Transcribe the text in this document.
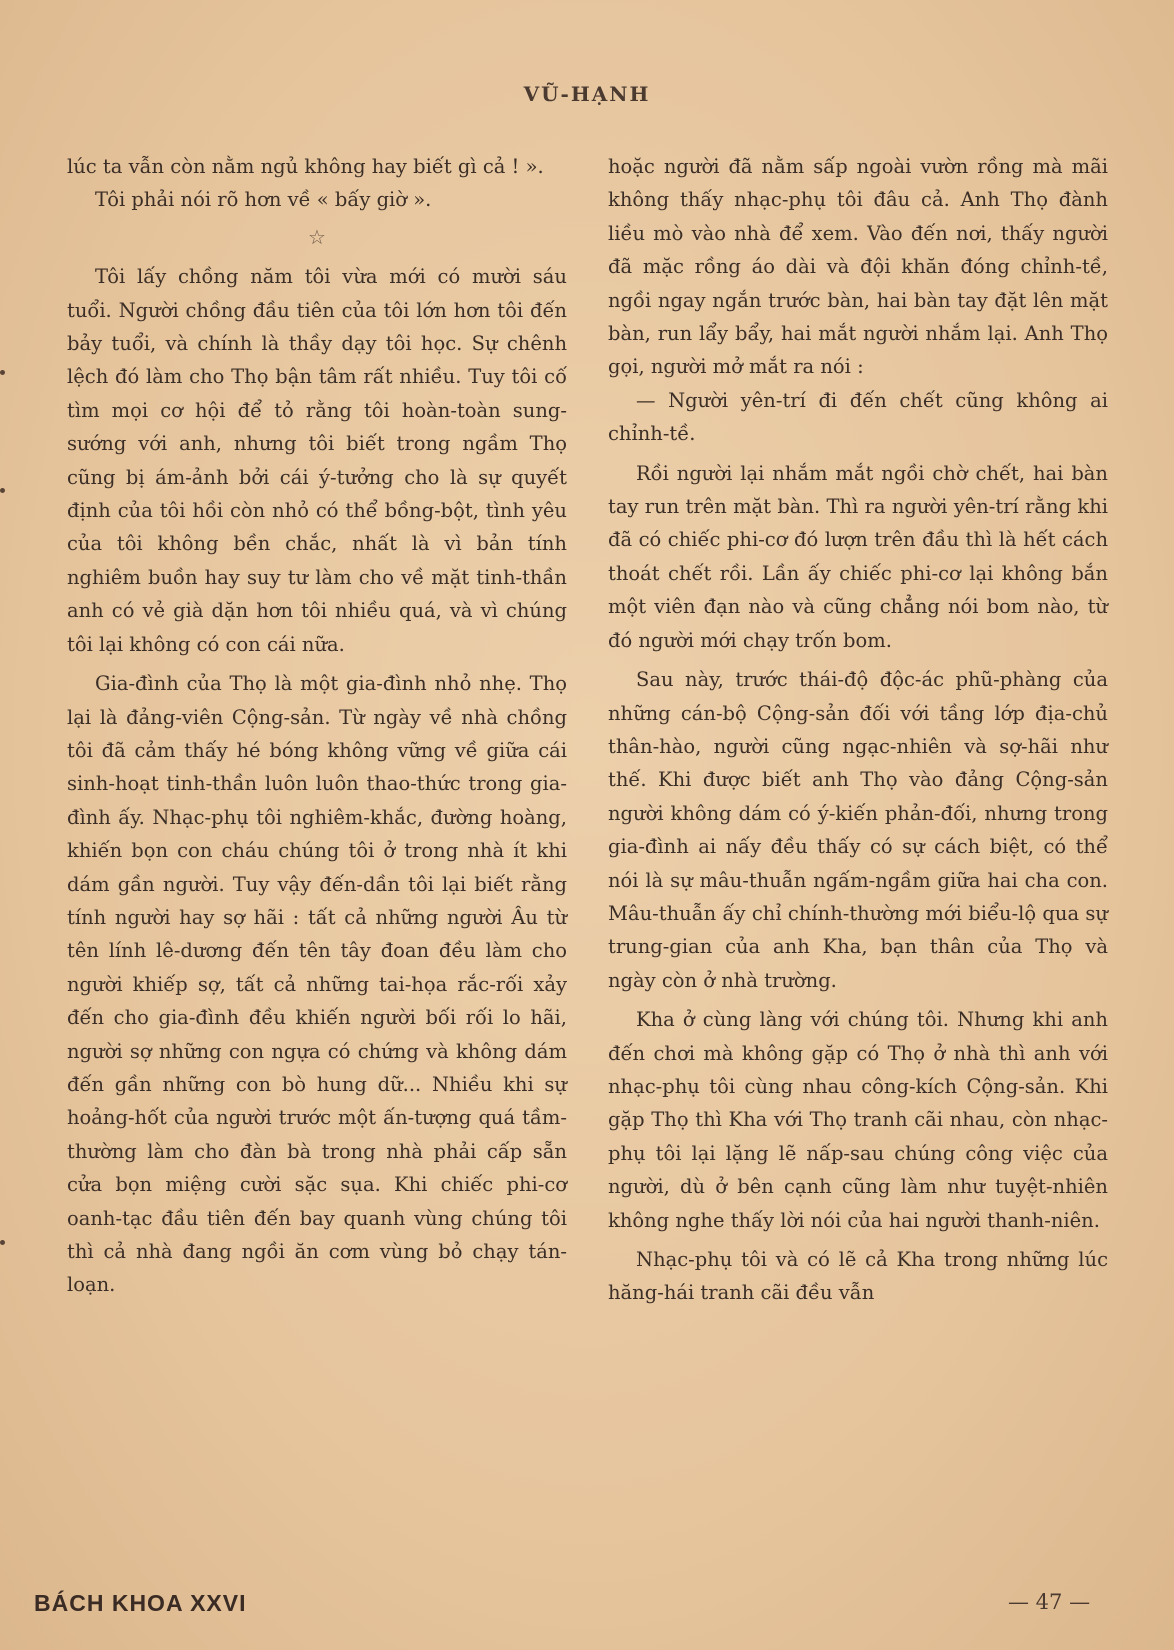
VŨ-HẠNH

lúc ta vẫn còn nằm ngủ không hay biết gì cả ! ».

Tôi phải nói rõ hơn về « bấy giờ ».

☆

Tôi lấy chồng năm tôi vừa mới có mười sáu tuổi. Người chồng đầu tiên của tôi lớn hơn tôi đến bảy tuổi, và chính là thầy dạy tôi học. Sự chênh lệch đó làm cho Thọ bận tâm rất nhiều. Tuy tôi cố tìm mọi cơ hội để tỏ rằng tôi hoàn-toàn sung-sướng với anh, nhưng tôi biết trong ngầm Thọ cũng bị ám-ảnh bởi cái ý-tưởng cho là sự quyết định của tôi hồi còn nhỏ có thể bồng-bột, tình yêu của tôi không bền chắc, nhất là vì bản tính nghiêm buồn hay suy tư làm cho về mặt tinh-thần anh có vẻ già dặn hơn tôi nhiều quá, và vì chúng tôi lại không có con cái nữa.

Gia-đình của Thọ là một gia-đình nhỏ nhẹ. Thọ lại là đảng-viên Cộng-sản. Từ ngày về nhà chồng tôi đã cảm thấy hé bóng không vững về giữa cái sinh-hoạt tinh-thần luôn luôn thao-thức trong gia-đình ấy. Nhạc-phụ tôi nghiêm-khắc, đường hoàng, khiến bọn con cháu chúng tôi ở trong nhà ít khi dám gần người. Tuy vậy đến-dần tôi lại biết rằng tính người hay sợ hãi : tất cả những người Âu từ tên lính lê-dương đến tên tây đoan đều làm cho người khiếp sợ, tất cả những tai-họa rắc-rối xảy đến cho gia-đình đều khiến người bối rối lo hãi, người sợ những con ngựa có chứng và không dám đến gần những con bò hung dữ... Nhiều khi sự hoảng-hốt của người trước một ấn-tượng quá tầm-thường làm cho đàn bà trong nhà phải cấp sẵn cửa bọn miệng cười sặc sụa. Khi chiếc phi-cơ oanh-tạc đầu tiên đến bay quanh vùng chúng tôi thì cả nhà đang ngồi ăn cơm vùng bỏ chạy tán-loạn.

hoặc người đã nằm sấp ngoài vườn rồng mà mãi không thấy nhạc-phụ tôi đâu cả. Anh Thọ đành liều mò vào nhà để xem. Vào đến nơi, thấy người đã mặc rồng áo dài và đội khăn đóng chỉnh-tề, ngồi ngay ngắn trước bàn, hai bàn tay đặt lên mặt bàn, run lẩy bẩy, hai mắt người nhắm lại. Anh Thọ gọi, người mở mắt ra nói :

— Người yên-trí đi đến chết cũng không ai chỉnh-tề.

Rồi người lại nhắm mắt ngồi chờ chết, hai bàn tay run trên mặt bàn. Thì ra người yên-trí rằng khi đã có chiếc phi-cơ đó lượn trên đầu thì là hết cách thoát chết rồi. Lần ấy chiếc phi-cơ lại không bắn một viên đạn nào và cũng chẳng nói bom nào, từ đó người mới chạy trốn bom.

Sau này, trước thái-độ độc-ác phũ-phàng của những cán-bộ Cộng-sản đối với tầng lớp địa-chủ thân-hào, người cũng ngạc-nhiên và sợ-hãi như thế. Khi được biết anh Thọ vào đảng Cộng-sản người không dám có ý-kiến phản-đối, nhưng trong gia-đình ai nấy đều thấy có sự cách biệt, có thể nói là sự mâu-thuẫn ngấm-ngầm giữa hai cha con. Mâu-thuẫn ấy chỉ chính-thường mới biểu-lộ qua sự trung-gian của anh Kha, bạn thân của Thọ và ngày còn ở nhà trường.

Kha ở cùng làng với chúng tôi. Nhưng khi anh đến chơi mà không gặp có Thọ ở nhà thì anh với nhạc-phụ tôi cùng nhau công-kích Cộng-sản. Khi gặp Thọ thì Kha với Thọ tranh cãi nhau, còn nhạc-phụ tôi lại lặng lẽ nấp-sau chúng công việc của người, dù ở bên cạnh cũng làm như tuyệt-nhiên không nghe thấy lời nói của hai người thanh-niên.

Nhạc-phụ tôi và có lẽ cả Kha trong những lúc hăng-hái tranh cãi đều vẫn

BÁCH KHOA XXVI	— 47 —
